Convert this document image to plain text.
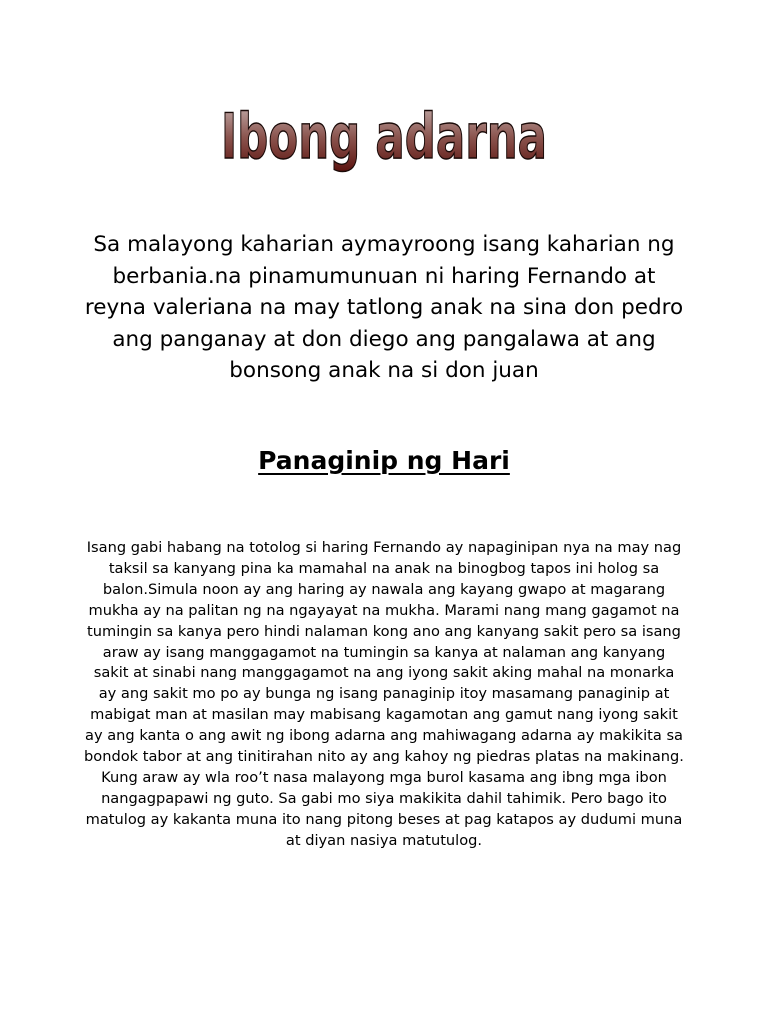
Ibong adarna

Sa malayong kaharian aymayroong isang kaharian ng berbania.na pinamumunuan ni haring Fernando at reyna valeriana na may tatlong anak na sina don pedro ang panganay at don diego ang pangalawa at ang bonsong anak na si don juan

Panaginip ng Hari

Isang gabi habang na totolog si haring Fernando ay napaginipan nya na may nag taksil sa kanyang pina ka mamahal na anak na binogbog tapos ini holog sa balon.Simula noon ay ang haring ay nawala ang kayang gwapo at magarang mukha ay na palitan ng na ngayayat na mukha. Marami nang mang gagamot na tumingin sa kanya pero hindi nalaman kong ano ang kanyang sakit pero sa isang araw ay isang manggagamot na tumingin sa kanya at nalaman ang kanyang sakit at sinabi nang manggagamot na ang iyong sakit aking mahal na monarka ay ang sakit mo po ay bunga ng isang panaginip itoy masamang panaginip at mabigat man at masilan may mabisang kagamotan ang gamut nang iyong sakit ay ang kanta o ang awit ng ibong adarna ang mahiwagang adarna ay makikita sa bondok tabor at ang tinitirahan nito ay ang kahoy ng piedras platas na makinang. Kung araw ay wla roo’t nasa malayong mga burol kasama ang ibng mga ibon nangagpapawi ng guto. Sa gabi mo siya makikita dahil tahimik. Pero bago ito matulog ay kakanta muna ito nang pitong beses at pag katapos ay dudumi muna at diyan nasiya matutulog.
